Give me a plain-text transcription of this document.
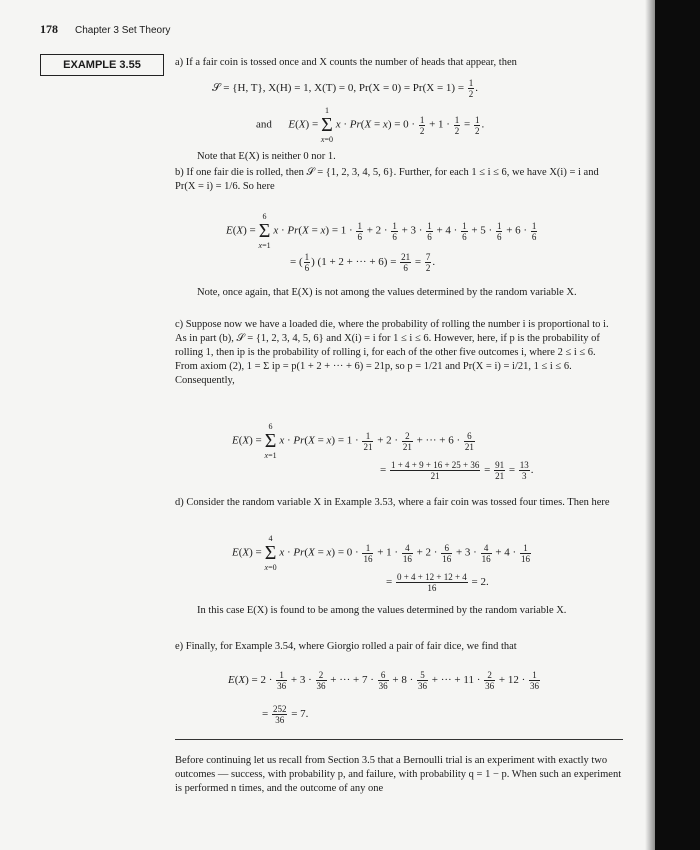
178 Chapter 3 Set Theory
EXAMPLE 3.55	a) If a fair coin is tossed once and X counts the number of heads that appear, then
𝒮 = {H, T}, X(H) = 1, X(T) = 0, $Pr(X = 0) = Pr(X = 1) = \frac{1}{2}$ .
and E(X) = 1
Σ
x=0 $x \cdot Pr(X = x) = 0 \cdot \frac{1}{2} + 1 \cdot \frac{1}{2} = \frac{1}{2}$ .
Note that E(X) is neither 0 nor 1.
b) If one fair die is rolled, then 𝒮 = {1, 2, 3, 4, 5, 6}. Further, for each 1 ≤ i ≤ 6, we have X(i) = i and Pr(X = i) = 1/6. So here
E(X) = 6
Σ
x=1 $x \cdot Pr(X = x) = 1 \cdot \frac{1}{6} + 2 \cdot \frac{1}{6} + 3 \cdot \frac{1}{6} + 4 \cdot \frac{1}{6} + 5 \cdot \frac{1}{6} + 6 \cdot \frac{1}{6}$
= ( $\frac{1}{6}$ ) (1 + 2 + ··· + $6) = \frac{21}{6} = \frac{7}{2}$ .
Note, once again, that E(X) is not among the values determined by the random variable X.
c) Suppose now we have a loaded die, where the probability of rolling the number i is proportional to i. As in part (b), 𝒮 = {1, 2, 3, 4, 5, 6} and X(i) = i for 1 ≤ i ≤ 6. However, here, if p is the probability of rolling 1, then ip is the probability of rolling i, for each of the other five outcomes i, where 2 ≤ i ≤ 6. From axiom (2), 1 = Σ ip = p(1 + 2 + ··· + 6) = 21p, so p = 1/21 and Pr(X = i) = i/21, 1 ≤ i ≤ 6. Consequently,
E(X) = 6
Σ
x=1 $x \cdot Pr(X = x) = 1 \cdot \frac{1}{21} + 2 \cdot \frac{2}{21}$ + ··· + $6 \cdot \frac{6}{21}$
= $\frac{1 + 4 + 9 + 16 + 25 + 36}{21} = \frac{91}{21} = \frac{13}{3}$ .
d) Consider the random variable X in Example 3.53, where a fair coin was tossed four times. Then here
E(X) = 4
Σ
x=0 $x \cdot Pr(X = x) = 0 \cdot \frac{1}{16} + 1 \cdot \frac{4}{16} + 2 \cdot \frac{6}{16} + 3 \cdot \frac{4}{16} + 4 \cdot \frac{1}{16}$
= $\frac{0 + 4 + 12 + 12 + 4}{16} = 2$.
In this case E(X) is found to be among the values determined by the random variable X.
e) Finally, for Example 3.54, where Giorgio rolled a pair of fair dice, we find that
$E(X) = 2 \cdot \frac{1}{36} + 3 \cdot \frac{2}{36}$ + ··· + $7 \cdot \frac{6}{36} + 8 \cdot \frac{5}{36}$ + ··· + $11 \cdot \frac{2}{36} + 12 \cdot \frac{1}{36}$
= $\frac{252}{36} = 7$.
Before continuing let us recall from Section 3.5 that a Bernoulli trial is an experiment with exactly two outcomes — success, with probability p, and failure, with probability q = 1 − p. When such an experiment is performed n times, and the outcome of any one
